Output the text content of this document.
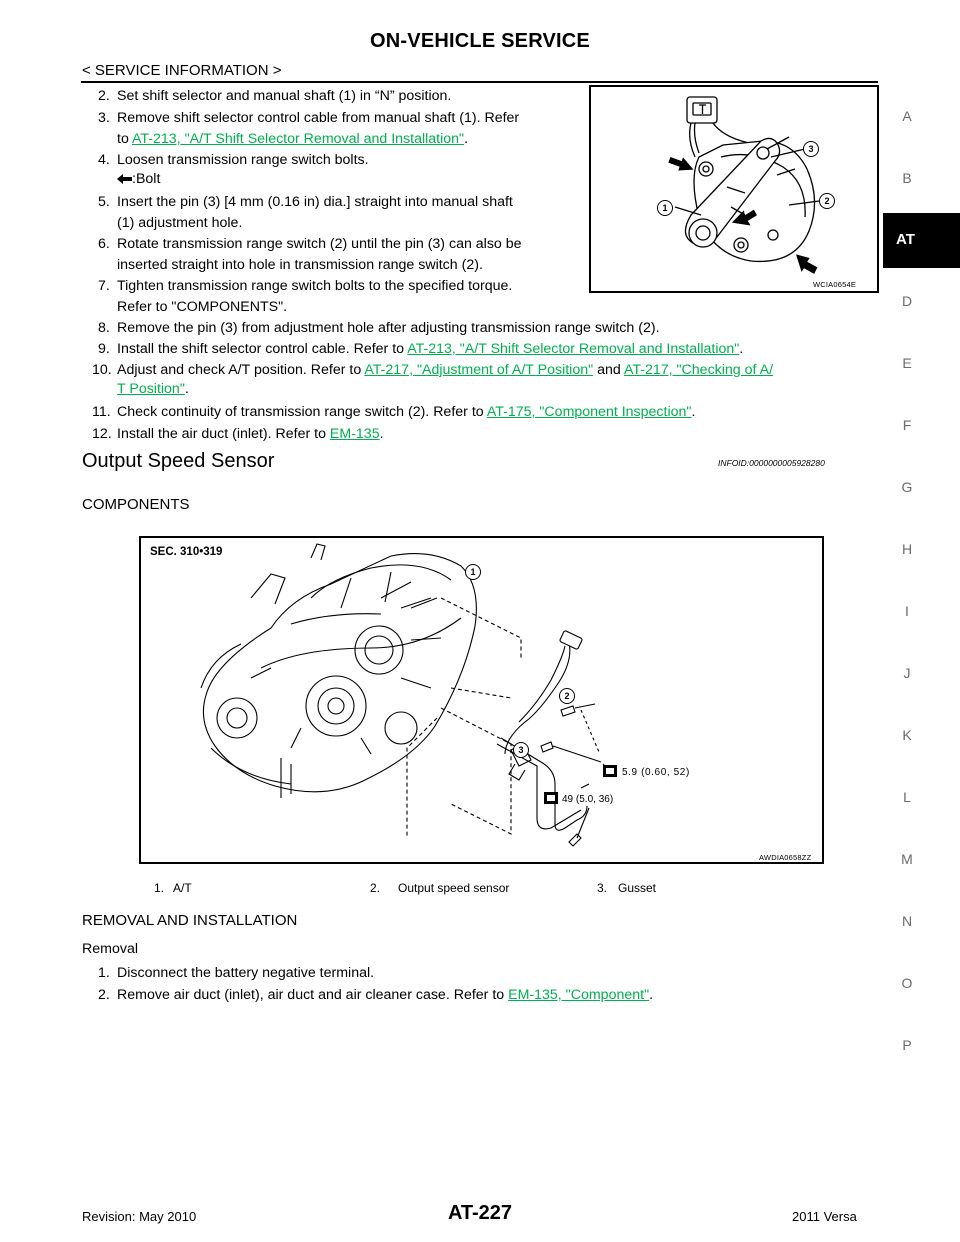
ON-VEHICLE SERVICE
< SERVICE INFORMATION >
A
B
AT
D
E
F
G
H
I
J
K
L
M
N
O
P
2. Set shift selector and manual shaft (1) in “N” position.
3. Remove shift selector control cable from manual shaft (1). Refer
to AT-213, "A/T Shift Selector Removal and Installation".
4. Loosen transmission range switch bolts.
:Bolt
5. Insert the pin (3) [4 mm (0.16 in) dia.] straight into manual shaft
(1) adjustment hole.
6. Rotate transmission range switch (2) until the pin (3) can also be
inserted straight into hole in transmission range switch (2).
7. Tighten transmission range switch bolts to the specified torque.
Refer to "COMPONENTS".
8. Remove the pin (3) from adjustment hole after adjusting transmission range switch (2).
9. Install the shift selector control cable. Refer to AT-213, "A/T Shift Selector Removal and Installation".
10. Adjust and check A/T position. Refer to AT-217, "Adjustment of A/T Position" and AT-217, "Checking of A/
T Position".
11. Check continuity of transmission range switch (2). Refer to AT-175, "Component Inspection".
12. Install the air duct (inlet). Refer to EM-135.
1
2
3
WCIA0654E
Output Speed Sensor	INFOID:0000000005928280
COMPONENTS
SEC. 310•319
1
2
3
5.9 (0.60, 52)
49 (5.0, 36)
AWDIA0658ZZ
1. A/T	2. Output speed sensor	3. Gusset
REMOVAL AND INSTALLATION
Removal
1. Disconnect the battery negative terminal.
2. Remove air duct (inlet), air duct and air cleaner case. Refer to EM-135, "Component".
Revision: May 2010	AT-227	2011 Versa
